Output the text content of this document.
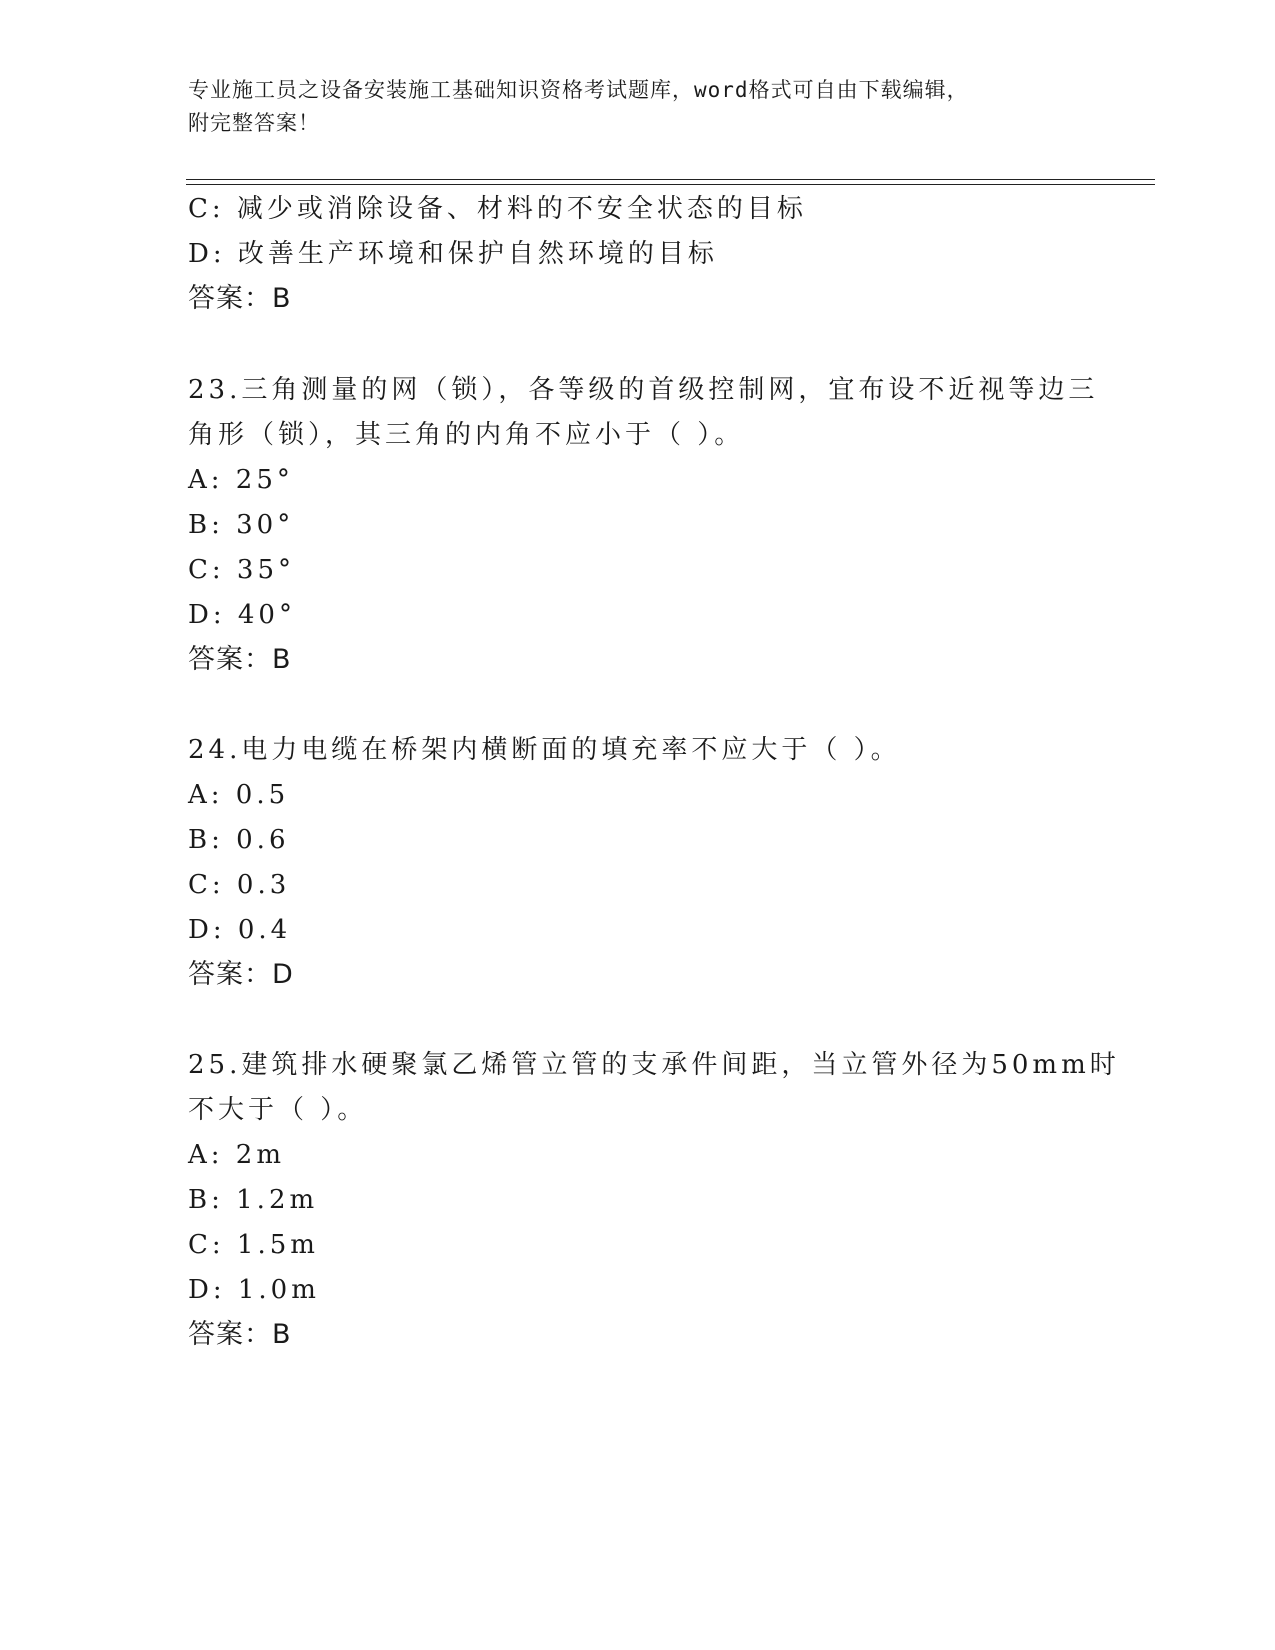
专业施工员之设备安装施工基础知识资格考试题库，word格式可自由下载编辑，
附完整答案！
C: 减少或消除设备、材料的不安全状态的目标
D: 改善生产环境和保护自然环境的目标
答案：B
23.三角测量的网（锁），各等级的首级控制网，宜布设不近视等边三
角形（锁），其三角的内角不应小于（ ）。
A: 25°
B: 30°
C: 35°
D: 40°
答案：B
24.电力电缆在桥架内横断面的填充率不应大于（ ）。
A: 0.5
B: 0.6
C: 0.3
D: 0.4
答案：D
25.建筑排水硬聚氯乙烯管立管的支承件间距，当立管外径为50mm时
不大于（ ）。
A: 2m
B: 1.2m
C: 1.5m
D: 1.0m
答案：B
